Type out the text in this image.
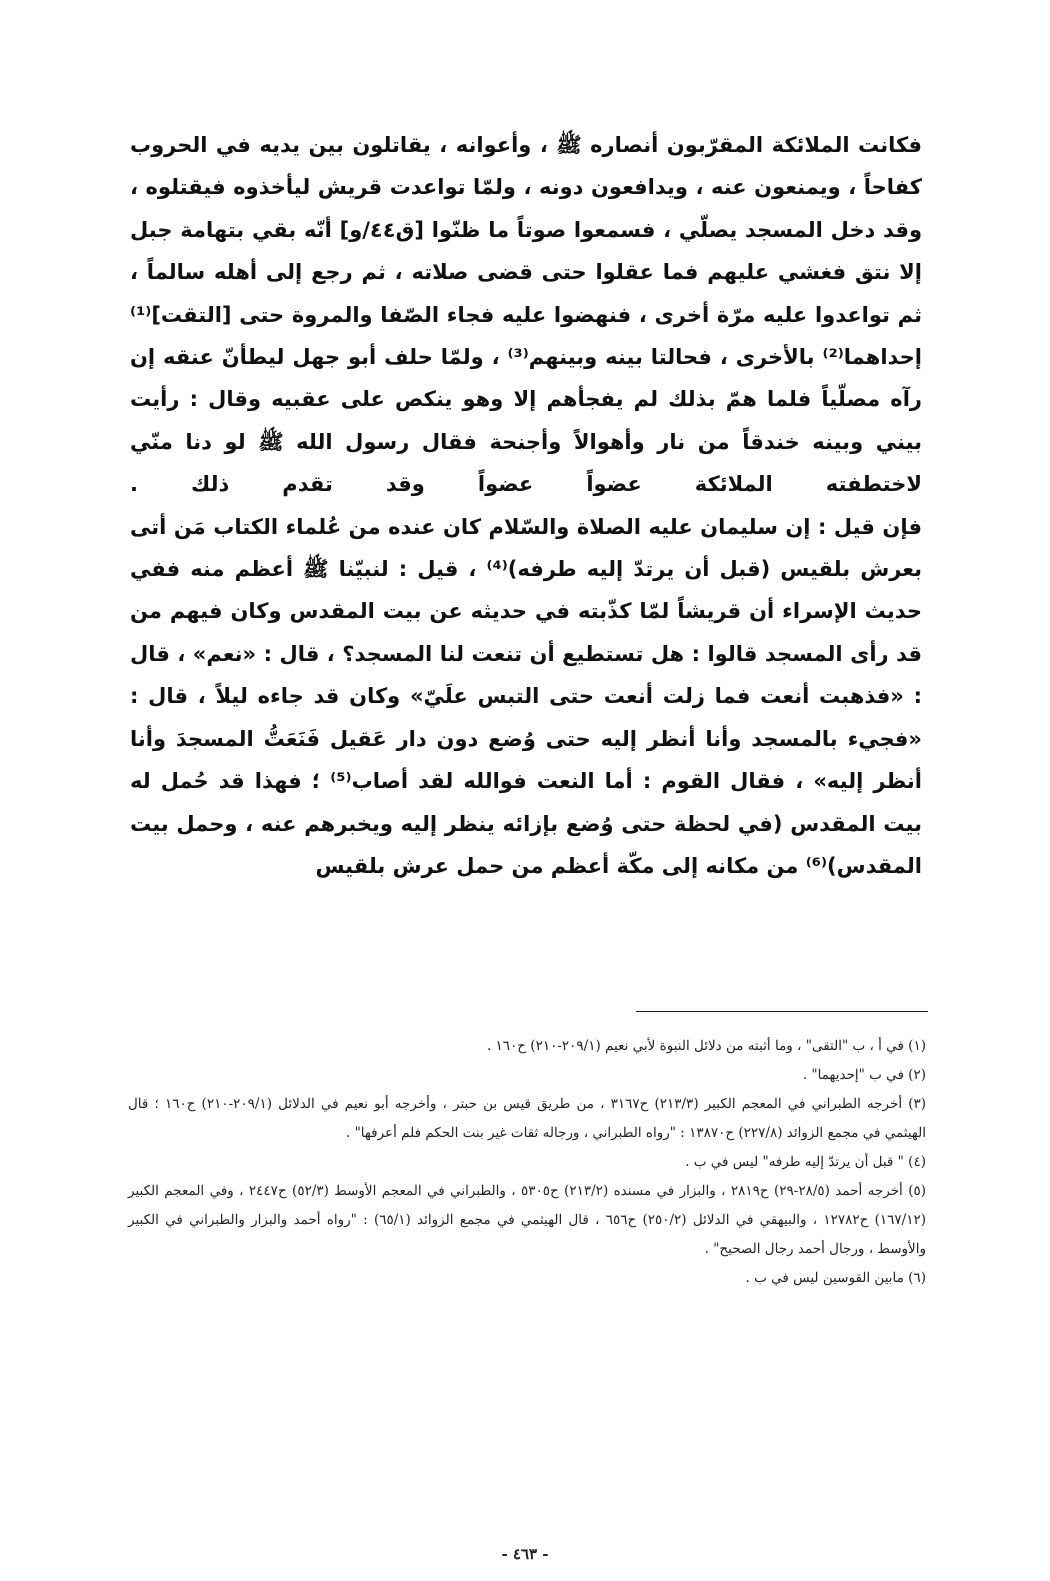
فكانت الملائكة المقرّبون أنصاره ﷺ ، وأعوانه ، يقاتلون بين يديه في الحروب كفاحاً ، ويمنعون عنه ، ويدافعون دونه ، ولمّا تواعدت قريش ليأخذوه فيقتلوه ، وقد دخل المسجد يصلّي ، فسمعوا صوتاً ما ظنّوا [ق٤٤/و] أنّه بقي بتهامة جبل إلا نتق فغشي عليهم فما عقلوا حتى قضى صلاته ، ثم رجع إلى أهله سالماً ، ثم تواعدوا عليه مرّة أخرى ، فنهضوا عليه فجاء الصّفا والمروة حتى [التقت]⁽¹⁾ إحداهما⁽²⁾ بالأخرى ، فحالتا بينه وبينهم⁽³⁾ ، ولمّا حلف أبو جهل ليطأنّ عنقه إن رآه مصلّياً فلما همّ بذلك لم يفجأهم إلا وهو ينكص على عقبيه وقال : رأيت بيني وبينه خندقاً من نار وأهوالاً وأجنحة فقال رسول الله ﷺ لو دنا منّي لاختطفته الملائكة عضواً عضواً وقد تقدم ذلك .

فإن قيل : إن سليمان عليه الصلاة والسّلام كان عنده من عُلماء الكتاب مَن أتى بعرش بلقيس (قبل أن يرتدّ إليه طرفه)⁽⁴⁾ ، قيل : لنبيّنا ﷺ أعظم منه ففي حديث الإسراء أن قريشاً لمّا كذّبته في حديثه عن بيت المقدس وكان فيهم من قد رأى المسجد قالوا : هل تستطيع أن تنعت لنا المسجد؟ ، قال : «نعم» ، قال : «فذهبت أنعت فما زلت أنعت حتى التبس علَيّ» وكان قد جاءه ليلاً ، قال : «فجيء بالمسجد وأنا أنظر إليه حتى وُضع دون دار عَقيل فَنَعَتُّ المسجدَ وأنا أنظر إليه» ، فقال القوم : أما النعت فوالله لقد أصاب⁽⁵⁾ ؛ فهذا قد حُمل له بيت المقدس (في لحظة حتى وُضع بإزائه ينظر إليه ويخبرهم عنه ، وحمل بيت المقدس)⁽⁶⁾ من مكانه إلى مكّة أعظم من حمل عرش بلقيس

(١) في أ ، ب "التقى" ، وما أثبته من دلائل النبوة لأبي نعيم (٢٠٩/١-٢١٠) ح١٦٠ .

(٢) في ب "إحديهما" .

(٣) أخرجه الطبراني في المعجم الكبير (٢١٣/٣) ح٣١٦٧ ، من طريق قيس بن حبتر ، وأخرجه أبو نعيم في الدلائل (٢٠٩/١-٢١٠) ح١٦٠ ؛ قال الهيثمي في مجمع الزوائد (٢٢٧/٨) ح١٣٨٧٠ : "رواه الطبراني ، ورجاله ثقات غير بنت الحكم فلم أعرفها" .

(٤) " قبل أن يرتدّ إليه طرفه" ليس في ب .

(٥) أخرجه أحمد (٢٨/٥-٢٩) ح٢٨١٩ ، والبزار في مسنده (٢١٣/٢) ح٥٣٠٥ ، والطبراني في المعجم الأوسط (٥٢/٣) ح٢٤٤٧ ، وفي المعجم الكبير (١٦٧/١٢) ح١٢٧٨٢ ، والبيهقي في الدلائل (٢٥٠/٢) ح٦٥٦ ، قال الهيثمي في مجمع الزوائد (٦٥/١) : "رواه أحمد والبزار والطبراني في الكبير والأوسط ، ورجال أحمد رجال الصحيح" .

(٦) مابين القوسين ليس في ب .

- ٤٦٣ -
